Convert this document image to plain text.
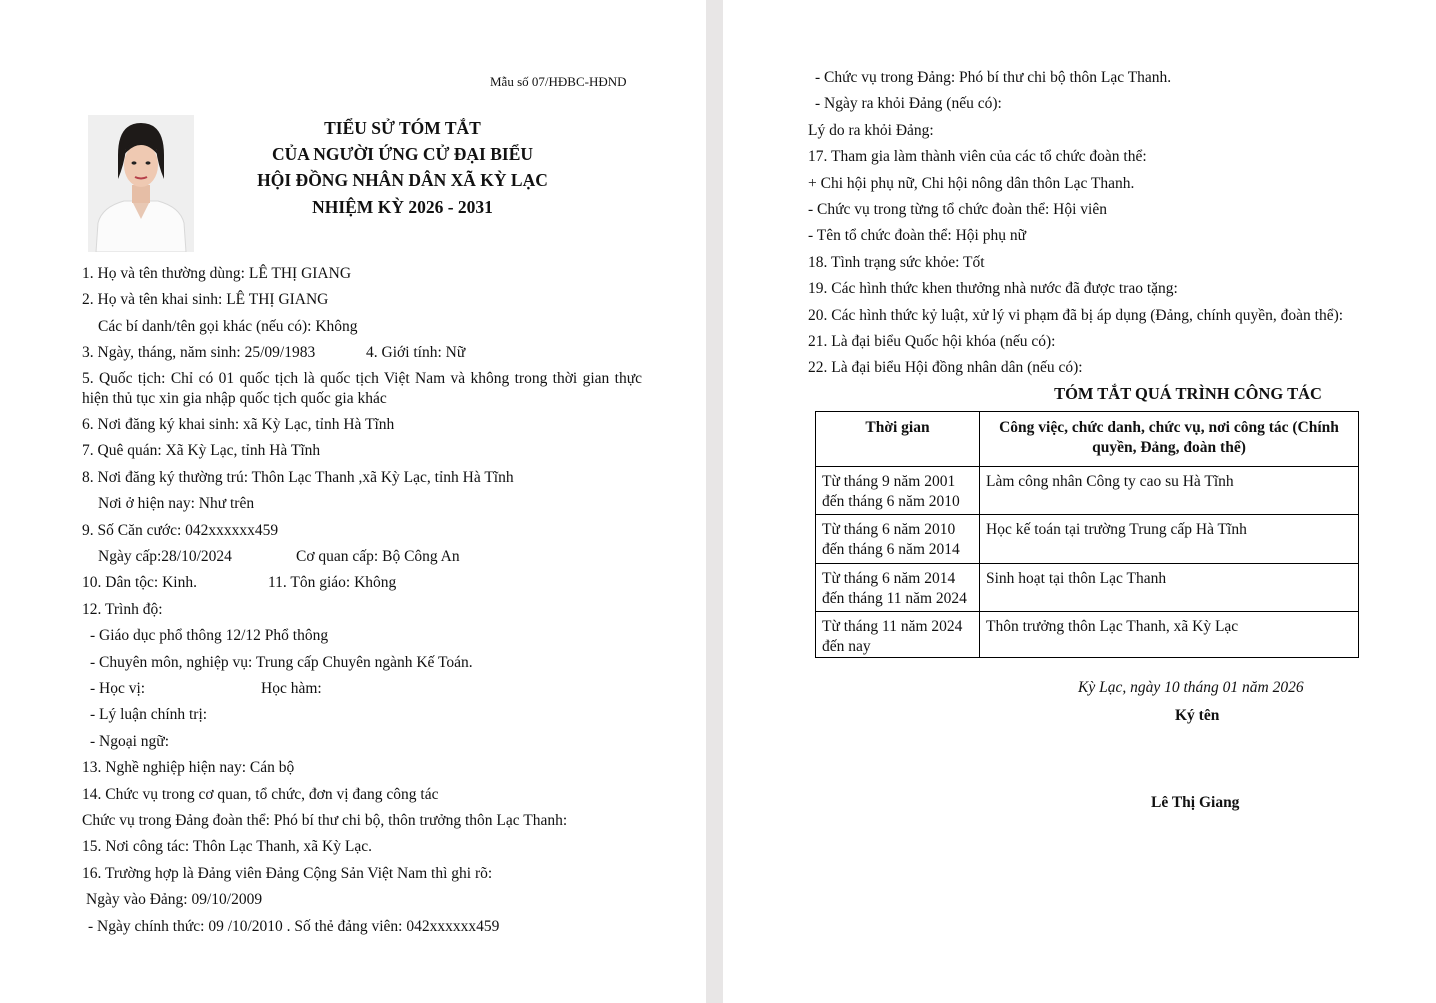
Mẫu số 07/HĐBC-HĐND
TIỂU SỬ TÓM TẮT
CỦA NGƯỜI ỨNG CỬ ĐẠI BIỂU
HỘI ĐỒNG NHÂN DÂN XÃ KỲ LẠC
NHIỆM KỲ 2026 - 2031
1. Họ và tên thường dùng: LÊ THỊ GIANG
2. Họ và tên khai sinh: LÊ THỊ GIANG
Các bí danh/tên gọi khác (nếu có): Không
3. Ngày, tháng, năm sinh: 25/09/1983	4. Giới tính: Nữ
5. Quốc tịch: Chỉ có 01 quốc tịch là quốc tịch Việt Nam và không trong thời gian thực hiện thủ tục xin gia nhập quốc tịch quốc gia khác
6. Nơi đăng ký khai sinh: xã Kỳ Lạc, tỉnh Hà Tĩnh
7. Quê quán: Xã Kỳ Lạc, tỉnh Hà Tĩnh
8. Nơi đăng ký thường trú: Thôn Lạc Thanh ,xã Kỳ Lạc, tỉnh Hà Tĩnh
Nơi ở hiện nay: Như trên
9. Số Căn cước: 042xxxxxx459
Ngày cấp:28/10/2024	Cơ quan cấp: Bộ Công An
10. Dân tộc: Kinh.	11. Tôn giáo: Không
12. Trình độ:
- Giáo dục phổ thông 12/12 Phổ thông
- Chuyên môn, nghiệp vụ: Trung cấp Chuyên ngành Kế Toán.
- Học vị:	Học hàm:
- Lý luận chính trị:
- Ngoại ngữ:
13. Nghề nghiệp hiện nay: Cán bộ
14. Chức vụ trong cơ quan, tổ chức, đơn vị đang công tác
Chức vụ trong Đảng đoàn thể: Phó bí thư chi bộ, thôn trưởng thôn Lạc Thanh:
15. Nơi công tác: Thôn Lạc Thanh, xã Kỳ Lạc.
16. Trường hợp là Đảng viên Đảng Cộng Sản Việt Nam thì ghi rõ:
Ngày vào Đảng: 09/10/2009
- Ngày chính thức: 09 /10/2010 . Số thẻ đảng viên: 042xxxxxx459
- Chức vụ trong Đảng: Phó bí thư chi bộ thôn Lạc Thanh.
- Ngày ra khỏi Đảng (nếu có):
Lý do ra khỏi Đảng:
17. Tham gia làm thành viên của các tổ chức đoàn thể:
+ Chi hội phụ nữ, Chi hội nông dân thôn Lạc Thanh.
- Chức vụ trong từng tổ chức đoàn thể: Hội viên
- Tên tổ chức đoàn thể: Hội phụ nữ
18. Tình trạng sức khỏe: Tốt
19. Các hình thức khen thưởng nhà nước đã được trao tặng:
20. Các hình thức kỷ luật, xử lý vi phạm đã bị áp dụng (Đảng, chính quyền, đoàn thể):
21. Là đại biểu Quốc hội khóa (nếu có):
22. Là đại biểu Hội đồng nhân dân (nếu có):
TÓM TẮT QUÁ TRÌNH CÔNG TÁC
Thời gian	Công việc, chức danh, chức vụ, nơi công tác (Chính quyền, Đảng, đoàn thể)
Từ tháng 9 năm 2001 đến tháng 6 năm 2010	Làm công nhân Công ty cao su Hà Tĩnh
Từ tháng 6 năm 2010 đến tháng 6 năm 2014	Học kế toán tại trường Trung cấp Hà Tĩnh
Từ tháng 6 năm 2014 đến tháng 11 năm 2024	Sinh hoạt tại thôn Lạc Thanh
Từ tháng 11 năm 2024 đến nay	Thôn trưởng thôn Lạc Thanh, xã Kỳ Lạc
Kỳ Lạc, ngày 10 tháng 01 năm 2026
Ký tên
Lê Thị Giang
